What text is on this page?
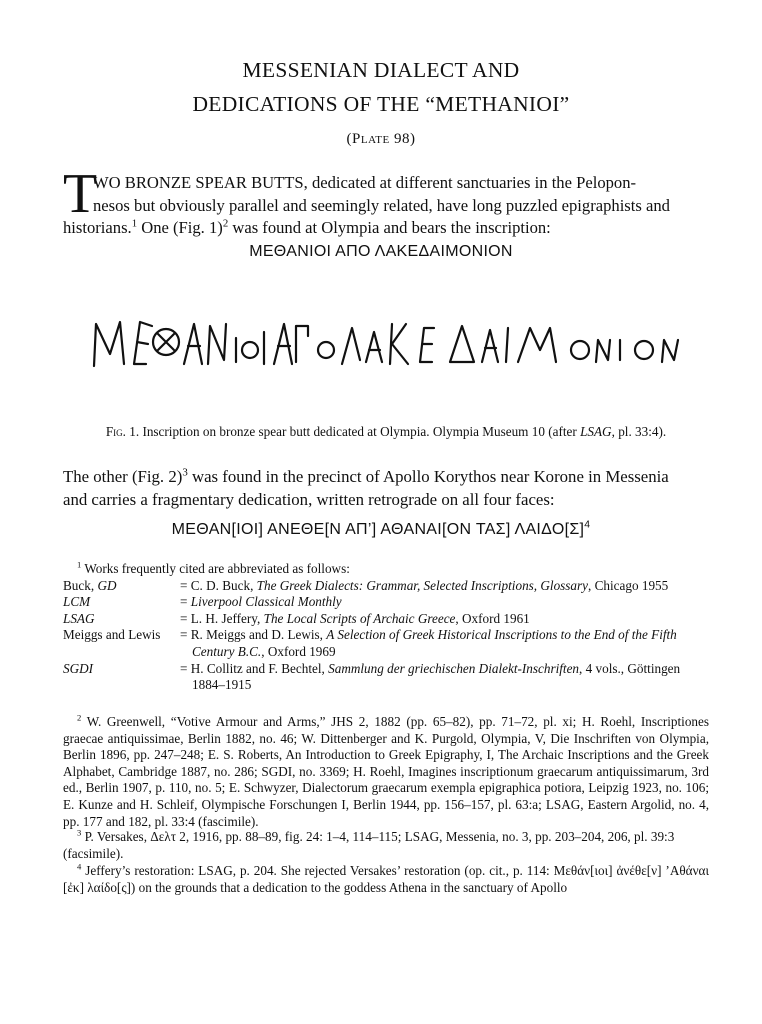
MESSENIAN DIALECT AND
DEDICATIONS OF THE “METHANIOI”
(Plate 98)
T
WO BRONZE SPEAR BUTTS, dedicated at different sanctuaries in the Pelopon-
nesos but obviously parallel and seemingly related, have long puzzled epigraphists and
historians.$^1$ One (Fig. 1)$^2$ was found at Olympia and bears the inscription:
ΜΕΘΑΝΙΟΙ ΑΠΟ ΛΑΚΕΔΑΙΜΟΝΙΟΝ
Fig. 1. Inscription on bronze spear butt dedicated at Olympia. Olympia Museum 10 (after LSAG, pl. 33:4).
The other (Fig. 2)$^3$ was found in the precinct of Apollo Korythos near Korone in Messenia
and carries a fragmentary dedication, written retrograde on all four faces:
ΜΕΘΑΝ[ΙΟΙ] ΑΝΕΘΕ[Ν ΑΠ’] ΑΘΑΝΑΙ[ΟΝ ΤΑΣ] $\Lambda AI\Delta O[\Sigma]^4$
$^1$ Works frequently cited are abbreviated as follows:
Buck, GD	= C. D. Buck, The Greek Dialects: Grammar, Selected Inscriptions, Glossary, Chicago 1955
LCM	= Liverpool Classical Monthly
LSAG	= L. H. Jeffery, The Local Scripts of Archaic Greece, Oxford 1961
Meiggs and Lewis	= R. Meiggs and D. Lewis, A Selection of Greek Historical Inscriptions to the End of the Fifth Century B.C., Oxford 1969
SGDI	= H. Collitz and F. Bechtel, Sammlung der griechischen Dialekt-Inschriften, 4 vols., Göttingen 1884–1915
$^2$ W. Greenwell, “Votive Armour and Arms,” JHS 2, 1882 (pp. 65–82), pp. 71–72, pl. xi; H. Roehl, Inscriptiones graecae antiquissimae, Berlin 1882, no. 46; W. Dittenberger and K. Purgold, Olympia, V, Die Inschriften von Olympia, Berlin 1896, pp. 247–248; E. S. Roberts, An Introduction to Greek Epigraphy, I, The Archaic Inscriptions and the Greek Alphabet, Cambridge 1887, no. 286; SGDI, no. 3369; H. Roehl, Imagines inscriptionum graecarum antiquissimarum, 3rd ed., Berlin 1907, p. 110, no. 5; E. Schwyzer, Dialectorum graecarum exempla epigraphica potiora, Leipzig 1923, no. 106; E. Kunze and H. Schleif, Olympische Forschungen I, Berlin 1944, pp. 156–157, pl. 63:a; LSAG, Eastern Argolid, no. 4, pp. 177 and 182, pl. 33:4 (fascimile).
$^3$ P. Versakes, Δελτ 2, 1916, pp. 88–89, fig. 24: 1–4, 114–115; LSAG, Messenia, no. 3, pp. 203–204, 206, pl. 39:3 (facsimile).
$^4$ Jeffery’s restoration: LSAG, p. 204. She rejected Versakes’ restoration (op. cit., p. 114: Μεθάν[ιοι] ἀνέθε[ν] ’Αθάναι [ἐκ] λαίδο[ς]) on the grounds that a dedication to the goddess Athena in the sanctuary of Apollo
